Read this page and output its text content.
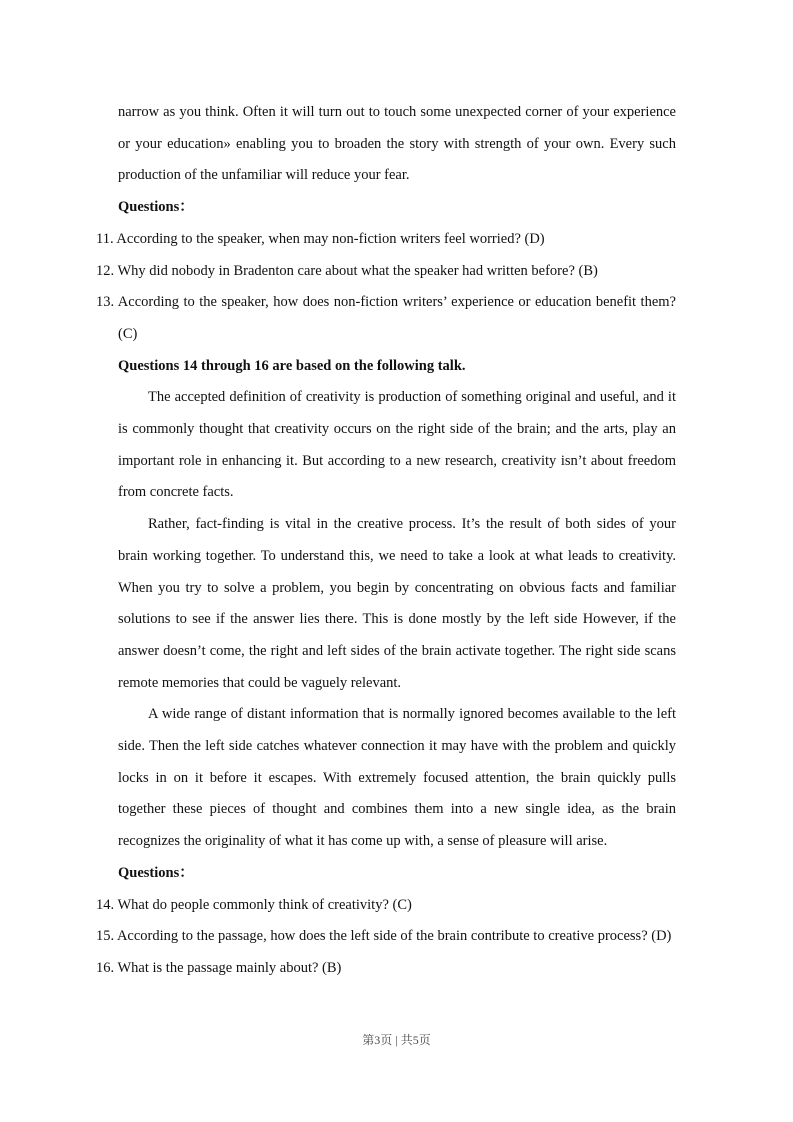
narrow as you think. Often it will turn out to touch some unexpected corner of your experience or your education» enabling you to broaden the story with strength of your own. Every such production of the unfamiliar will reduce your fear.

Questions：

11. According to the speaker, when may non-fiction writers feel worried? (D)

12. Why did nobody in Bradenton care about what the speaker had written before? (B)

13. According to the speaker, how does non-fiction writers’ experience or education benefit them? (C)

Questions 14 through 16 are based on the following talk.

The accepted definition of creativity is production of something original and useful, and it is commonly thought that creativity occurs on the right side of the brain; and the arts, play an important role in enhancing it. But according to a new research, creativity isn’t about freedom from concrete facts.

Rather, fact-finding is vital in the creative process. It’s the result of both sides of your brain working together. To understand this, we need to take a look at what leads to creativity. When you try to solve a problem, you begin by concentrating on obvious facts and familiar solutions to see if the answer lies there. This is done mostly by the left side However, if the answer doesn’t come, the right and left sides of the brain activate together. The right side scans remote memories that could be vaguely relevant.

A wide range of distant information that is normally ignored becomes available to the left side. Then the left side catches whatever connection it may have with the problem and quickly locks in on it before it escapes. With extremely focused attention, the brain quickly pulls together these pieces of thought and combines them into a new single idea, as the brain recognizes the originality of what it has come up with, a sense of pleasure will arise.

Questions：

14. What do people commonly think of creativity? (C)

15. According to the passage, how does the left side of the brain contribute to creative process? (D)

16. What is the passage mainly about? (B)

第3页 | 共5页
